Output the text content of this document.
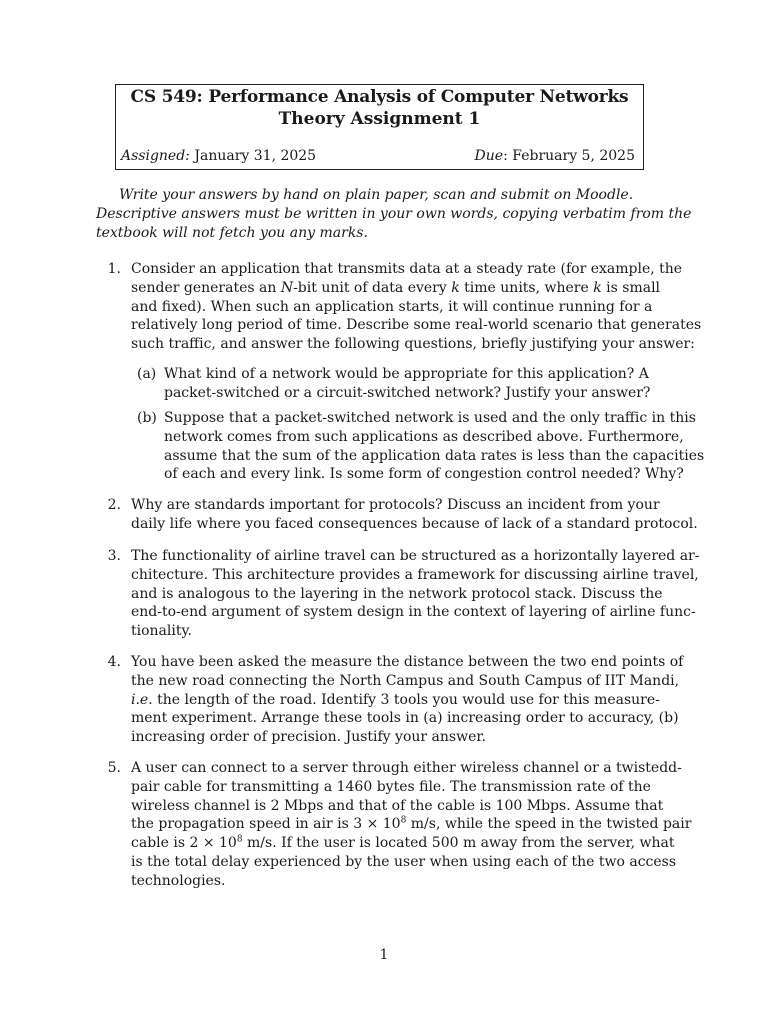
CS 549: Performance Analysis of Computer Networks
Theory Assignment 1
Assigned: January 31, 2025	Due: February 5, 2025
Write your answers by hand on plain paper, scan and submit on Moodle.
Descriptive answers must be written in your own words, copying verbatim from the
textbook will not fetch you any marks.
1. Consider an application that transmits data at a steady rate (for example, the
sender generates an N-bit unit of data every k time units, where k is small
and fixed). When such an application starts, it will continue running for a
relatively long period of time. Describe some real-world scenario that generates
such traffic, and answer the following questions, briefly justifying your answer:
(a) What kind of a network would be appropriate for this application? A
packet-switched or a circuit-switched network? Justify your answer?
(b) Suppose that a packet-switched network is used and the only traffic in this
network comes from such applications as described above. Furthermore,
assume that the sum of the application data rates is less than the capacities
of each and every link. Is some form of congestion control needed? Why?
2. Why are standards important for protocols? Discuss an incident from your
daily life where you faced consequences because of lack of a standard protocol.
3. The functionality of airline travel can be structured as a horizontally layered ar-
chitecture. This architecture provides a framework for discussing airline travel,
and is analogous to the layering in the network protocol stack. Discuss the
end-to-end argument of system design in the context of layering of airline func-
tionality.
4. You have been asked the measure the distance between the two end points of
the new road connecting the North Campus and South Campus of IIT Mandi,
i.e. the length of the road. Identify 3 tools you would use for this measure-
ment experiment. Arrange these tools in (a) increasing order to accuracy, (b)
increasing order of precision. Justify your answer.
5. A user can connect to a server through either wireless channel or a twistedd-
pair cable for transmitting a 1460 bytes file. The transmission rate of the
wireless channel is 2 Mbps and that of the cable is 100 Mbps. Assume that
the propagation speed in air is $3 \times 10^8$ m/s, while the speed in the twisted pair
cable is $2 \times 10^8$ m/s. If the user is located 500 m away from the server, what
is the total delay experienced by the user when using each of the two access
technologies.
1
